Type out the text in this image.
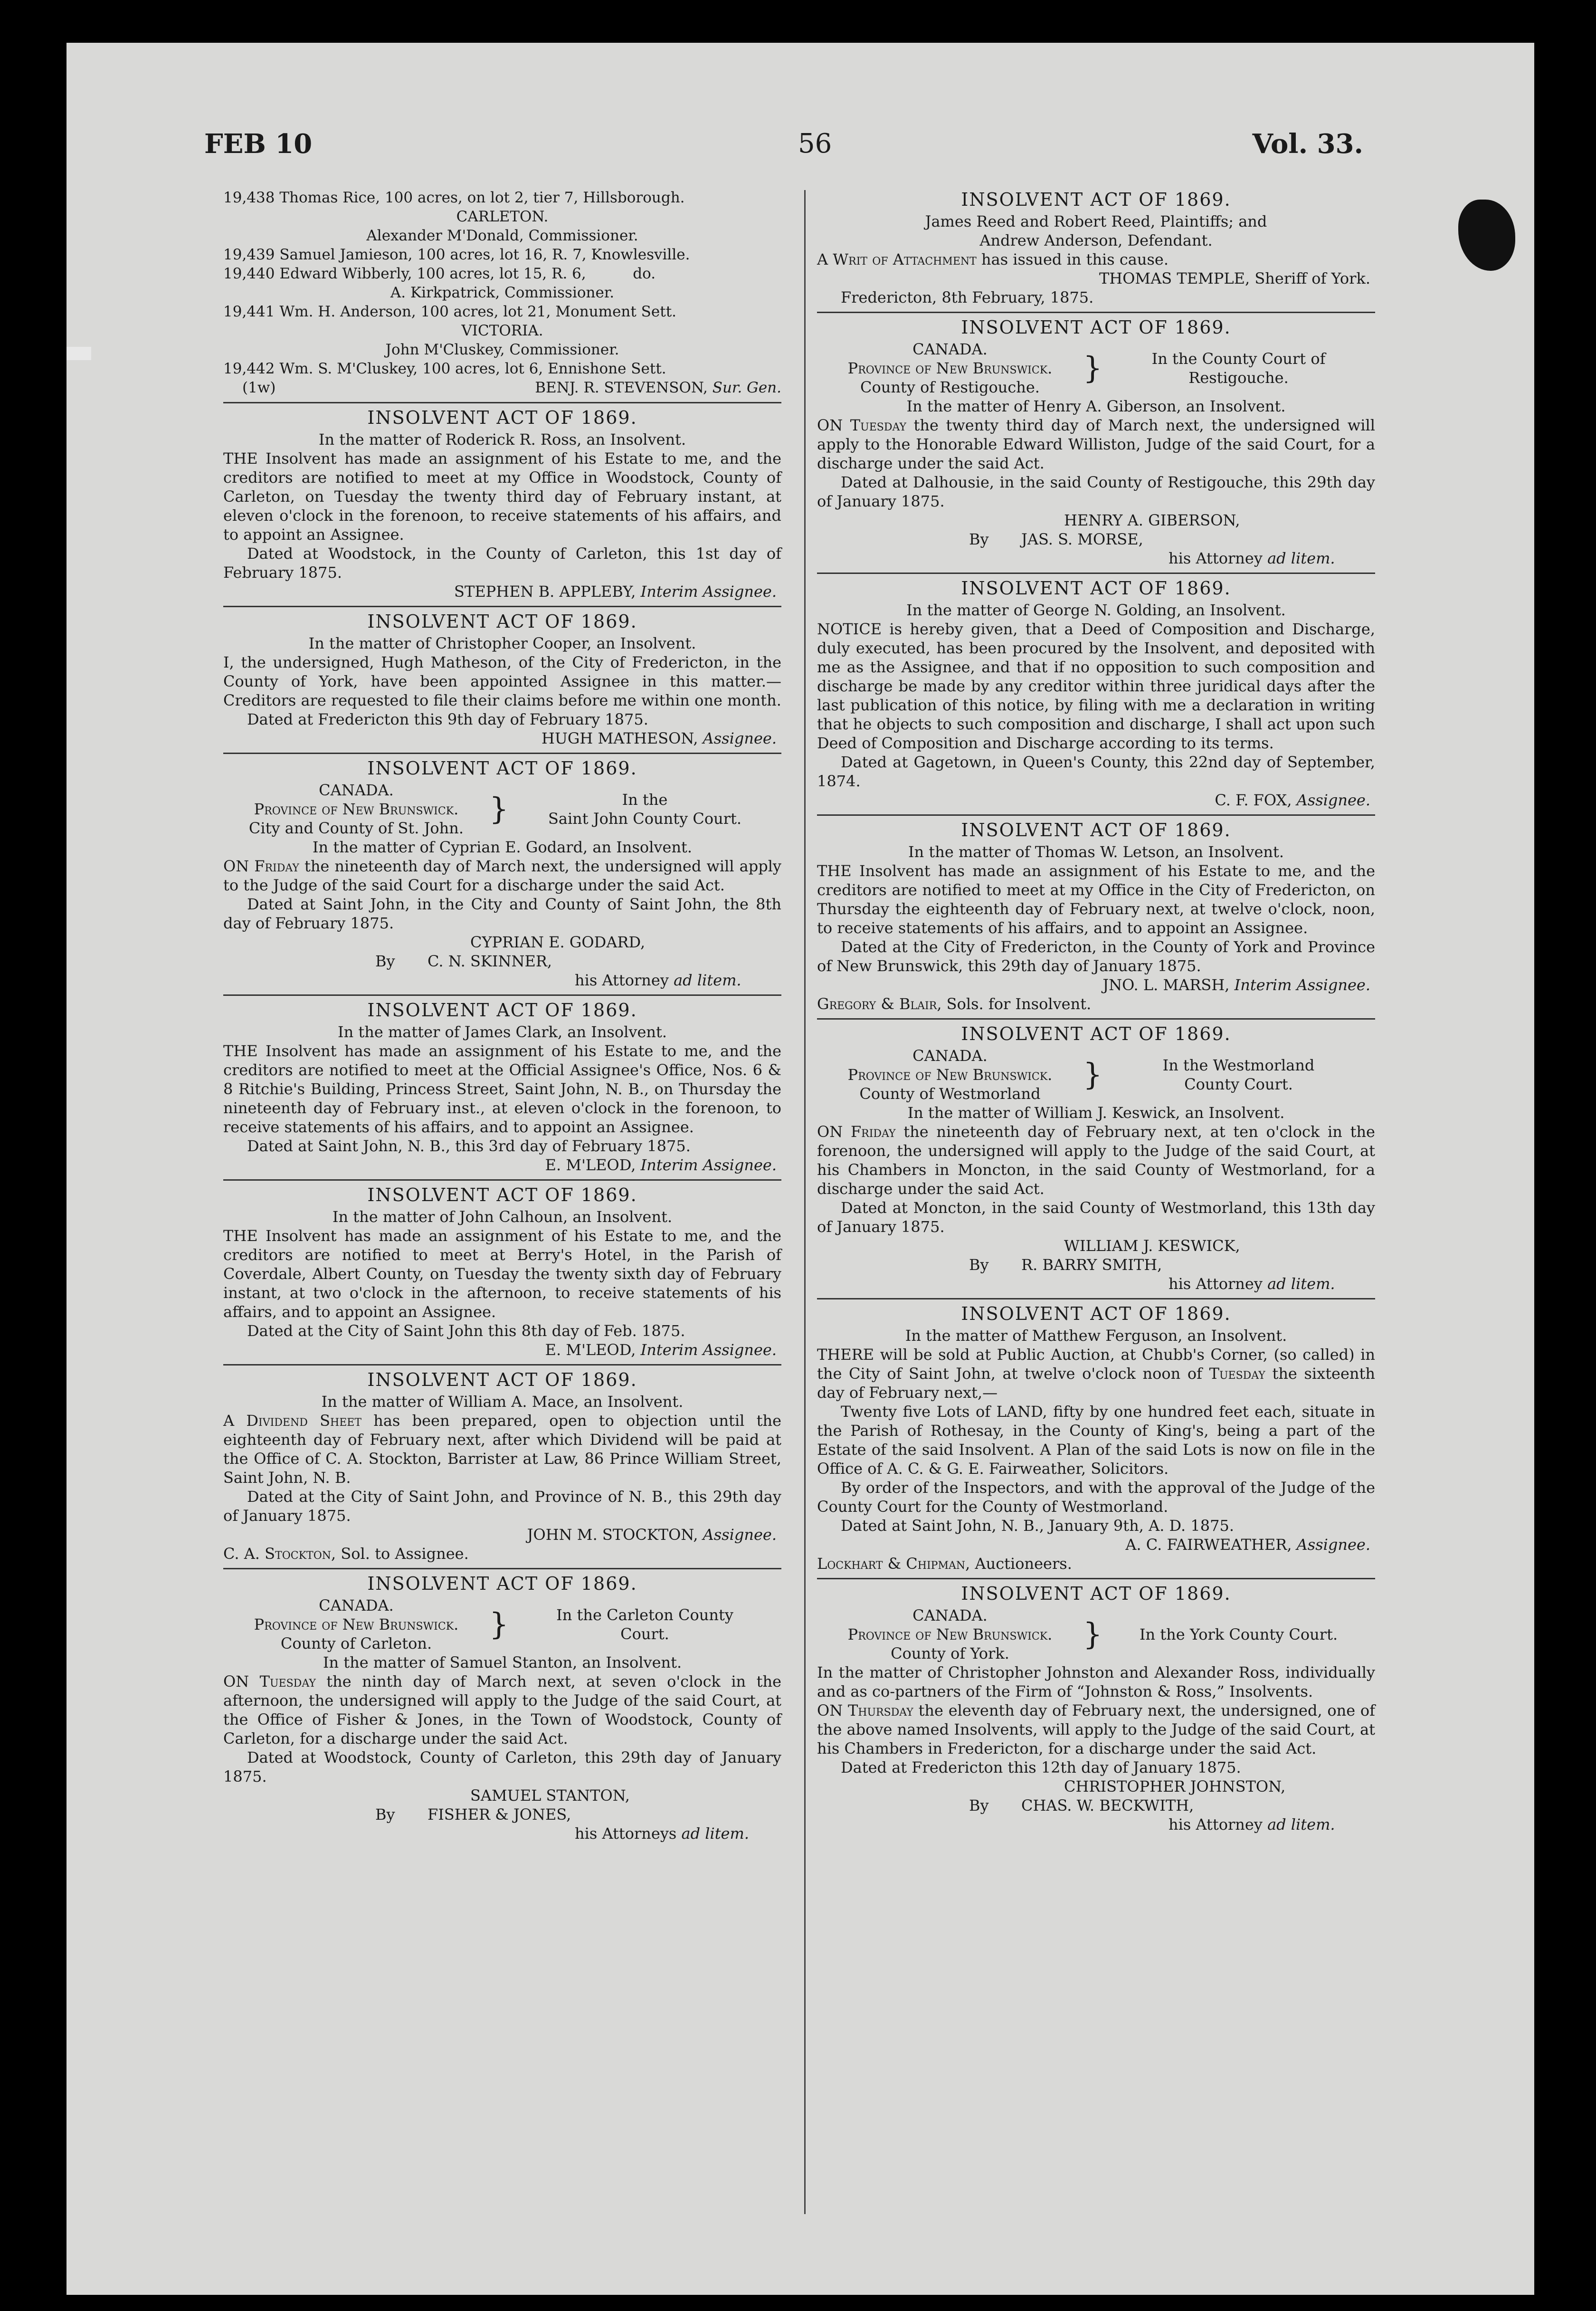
FEB 10	56	Vol. 33.
19,438 Thomas Rice, 100 acres, on lot 2, tier 7, Hillsborough.
CARLETON.
Alexander M'Donald, Commissioner.
19,439 Samuel Jamieson, 100 acres, lot 16, R. 7, Knowlesville.
19,440 Edward Wibberly, 100 acres, lot 15, R. 6,          do.
A. Kirkpatrick, Commissioner.
19,441 Wm. H. Anderson, 100 acres, lot 21, Monument Sett.
VICTORIA.
John M'Cluskey, Commissioner.
19,442 Wm. S. M'Cluskey, 100 acres, lot 6, Ennishone Sett.
(1w)	BENJ. R. STEVENSON, Sur. Gen.
INSOLVENT ACT OF 1869.
In the matter of Roderick R. Ross, an Insolvent.
THE Insolvent has made an assignment of his Estate to me, and the creditors are notified to meet at my Office in Woodstock, County of Carleton, on Tuesday the twenty third day of February instant, at eleven o'clock in the forenoon, to receive statements of his affairs, and to appoint an Assignee.
Dated at Woodstock, in the County of Carleton, this 1st day of February 1875.
STEPHEN B. APPLEBY, Interim Assignee.
INSOLVENT ACT OF 1869.
In the matter of Christopher Cooper, an Insolvent.
I, the undersigned, Hugh Matheson, of the City of Fredericton, in the County of York, have been appointed Assignee in this matter.—Creditors are requested to file their claims before me within one month.
Dated at Fredericton this 9th day of February 1875.
HUGH MATHESON, Assignee.
INSOLVENT ACT OF 1869.
CANADA.
Province of New Brunswick.
City and County of St. John.
}	In the
Saint John County Court.
In the matter of Cyprian E. Godard, an Insolvent.
ON Friday the nineteenth day of March next, the undersigned will apply to the Judge of the said Court for a discharge under the said Act.
Dated at Saint John, in the City and County of Saint John, the 8th day of February 1875.
CYPRIAN E. GODARD,
By C. N. SKINNER,
his Attorney ad litem.
INSOLVENT ACT OF 1869.
In the matter of James Clark, an Insolvent.
THE Insolvent has made an assignment of his Estate to me, and the creditors are notified to meet at the Official Assignee's Office, Nos. 6 & 8 Ritchie's Building, Princess Street, Saint John, N. B., on Thursday the nineteenth day of February inst., at eleven o'clock in the forenoon, to receive statements of his affairs, and to appoint an Assignee.
Dated at Saint John, N. B., this 3rd day of February 1875.
E. M'LEOD, Interim Assignee.
INSOLVENT ACT OF 1869.
In the matter of John Calhoun, an Insolvent.
THE Insolvent has made an assignment of his Estate to me, and the creditors are notified to meet at Berry's Hotel, in the Parish of Coverdale, Albert County, on Tuesday the twenty sixth day of February instant, at two o'clock in the afternoon, to receive statements of his affairs, and to appoint an Assignee.
Dated at the City of Saint John this 8th day of Feb. 1875.
E. M'LEOD, Interim Assignee.
INSOLVENT ACT OF 1869.
In the matter of William A. Mace, an Insolvent.
A Dividend Sheet has been prepared, open to objection until the eighteenth day of February next, after which Dividend will be paid at the Office of C. A. Stockton, Barrister at Law, 86 Prince William Street, Saint John, N. B.
Dated at the City of Saint John, and Province of N. B., this 29th day of January 1875.
JOHN M. STOCKTON, Assignee.
C. A. Stockton, Sol. to Assignee.
INSOLVENT ACT OF 1869.
CANADA.
Province of New Brunswick.
County of Carleton.
}	In the Carleton County
Court.
In the matter of Samuel Stanton, an Insolvent.
ON Tuesday the ninth day of March next, at seven o'clock in the afternoon, the undersigned will apply to the Judge of the said Court, at the Office of Fisher & Jones, in the Town of Woodstock, County of Carleton, for a discharge under the said Act.
Dated at Woodstock, County of Carleton, this 29th day of January 1875.
SAMUEL STANTON,
By FISHER & JONES,
his Attorneys ad litem.
INSOLVENT ACT OF 1869.
James Reed and Robert Reed, Plaintiffs; and
Andrew Anderson, Defendant.
A Writ of Attachment has issued in this cause.
THOMAS TEMPLE, Sheriff of York.
Fredericton, 8th February, 1875.
INSOLVENT ACT OF 1869.
CANADA.
Province of New Brunswick.
County of Restigouche.
}	In the County Court of
Restigouche.
In the matter of Henry A. Giberson, an Insolvent.
ON Tuesday the twenty third day of March next, the undersigned will apply to the Honorable Edward Williston, Judge of the said Court, for a discharge under the said Act.
Dated at Dalhousie, in the said County of Restigouche, this 29th day of January 1875.
HENRY A. GIBERSON,
By JAS. S. MORSE,
his Attorney ad litem.
INSOLVENT ACT OF 1869.
In the matter of George N. Golding, an Insolvent.
NOTICE is hereby given, that a Deed of Composition and Discharge, duly executed, has been procured by the Insolvent, and deposited with me as the Assignee, and that if no opposition to such composition and discharge be made by any creditor within three juridical days after the last publication of this notice, by filing with me a declaration in writing that he objects to such composition and discharge, I shall act upon such Deed of Composition and Discharge according to its terms.
Dated at Gagetown, in Queen's County, this 22nd day of September, 1874.
C. F. FOX, Assignee.
INSOLVENT ACT OF 1869.
In the matter of Thomas W. Letson, an Insolvent.
THE Insolvent has made an assignment of his Estate to me, and the creditors are notified to meet at my Office in the City of Fredericton, on Thursday the eighteenth day of February next, at twelve o'clock, noon, to receive statements of his affairs, and to appoint an Assignee.
Dated at the City of Fredericton, in the County of York and Province of New Brunswick, this 29th day of January 1875.
JNO. L. MARSH, Interim Assignee.
Gregory & Blair, Sols. for Insolvent.
INSOLVENT ACT OF 1869.
CANADA.
Province of New Brunswick.
County of Westmorland
}	In the Westmorland
County Court.
In the matter of William J. Keswick, an Insolvent.
ON Friday the nineteenth day of February next, at ten o'clock in the forenoon, the undersigned will apply to the Judge of the said Court, at his Chambers in Moncton, in the said County of Westmorland, for a discharge under the said Act.
Dated at Moncton, in the said County of Westmorland, this 13th day of January 1875.
WILLIAM J. KESWICK,
By R. BARRY SMITH,
his Attorney ad litem.
INSOLVENT ACT OF 1869.
In the matter of Matthew Ferguson, an Insolvent.
THERE will be sold at Public Auction, at Chubb's Corner, (so called) in the City of Saint John, at twelve o'clock noon of Tuesday the sixteenth day of February next,—
Twenty five Lots of LAND, fifty by one hundred feet each, situate in the Parish of Rothesay, in the County of King's, being a part of the Estate of the said Insolvent. A Plan of the said Lots is now on file in the Office of A. C. & G. E. Fairweather, Solicitors.
By order of the Inspectors, and with the approval of the Judge of the County Court for the County of Westmorland.
Dated at Saint John, N. B., January 9th, A. D. 1875.
A. C. FAIRWEATHER, Assignee.
Lockhart & Chipman, Auctioneers.
INSOLVENT ACT OF 1869.
CANADA.
Province of New Brunswick.
County of York.
}	In the York County Court.
In the matter of Christopher Johnston and Alexander Ross, individually and as co-partners of the Firm of “Johnston & Ross,” Insolvents.
ON Thursday the eleventh day of February next, the undersigned, one of the above named Insolvents, will apply to the Judge of the said Court, at his Chambers in Fredericton, for a discharge under the said Act.
Dated at Fredericton this 12th day of January 1875.
CHRISTOPHER JOHNSTON,
By CHAS. W. BECKWITH,
his Attorney ad litem.
